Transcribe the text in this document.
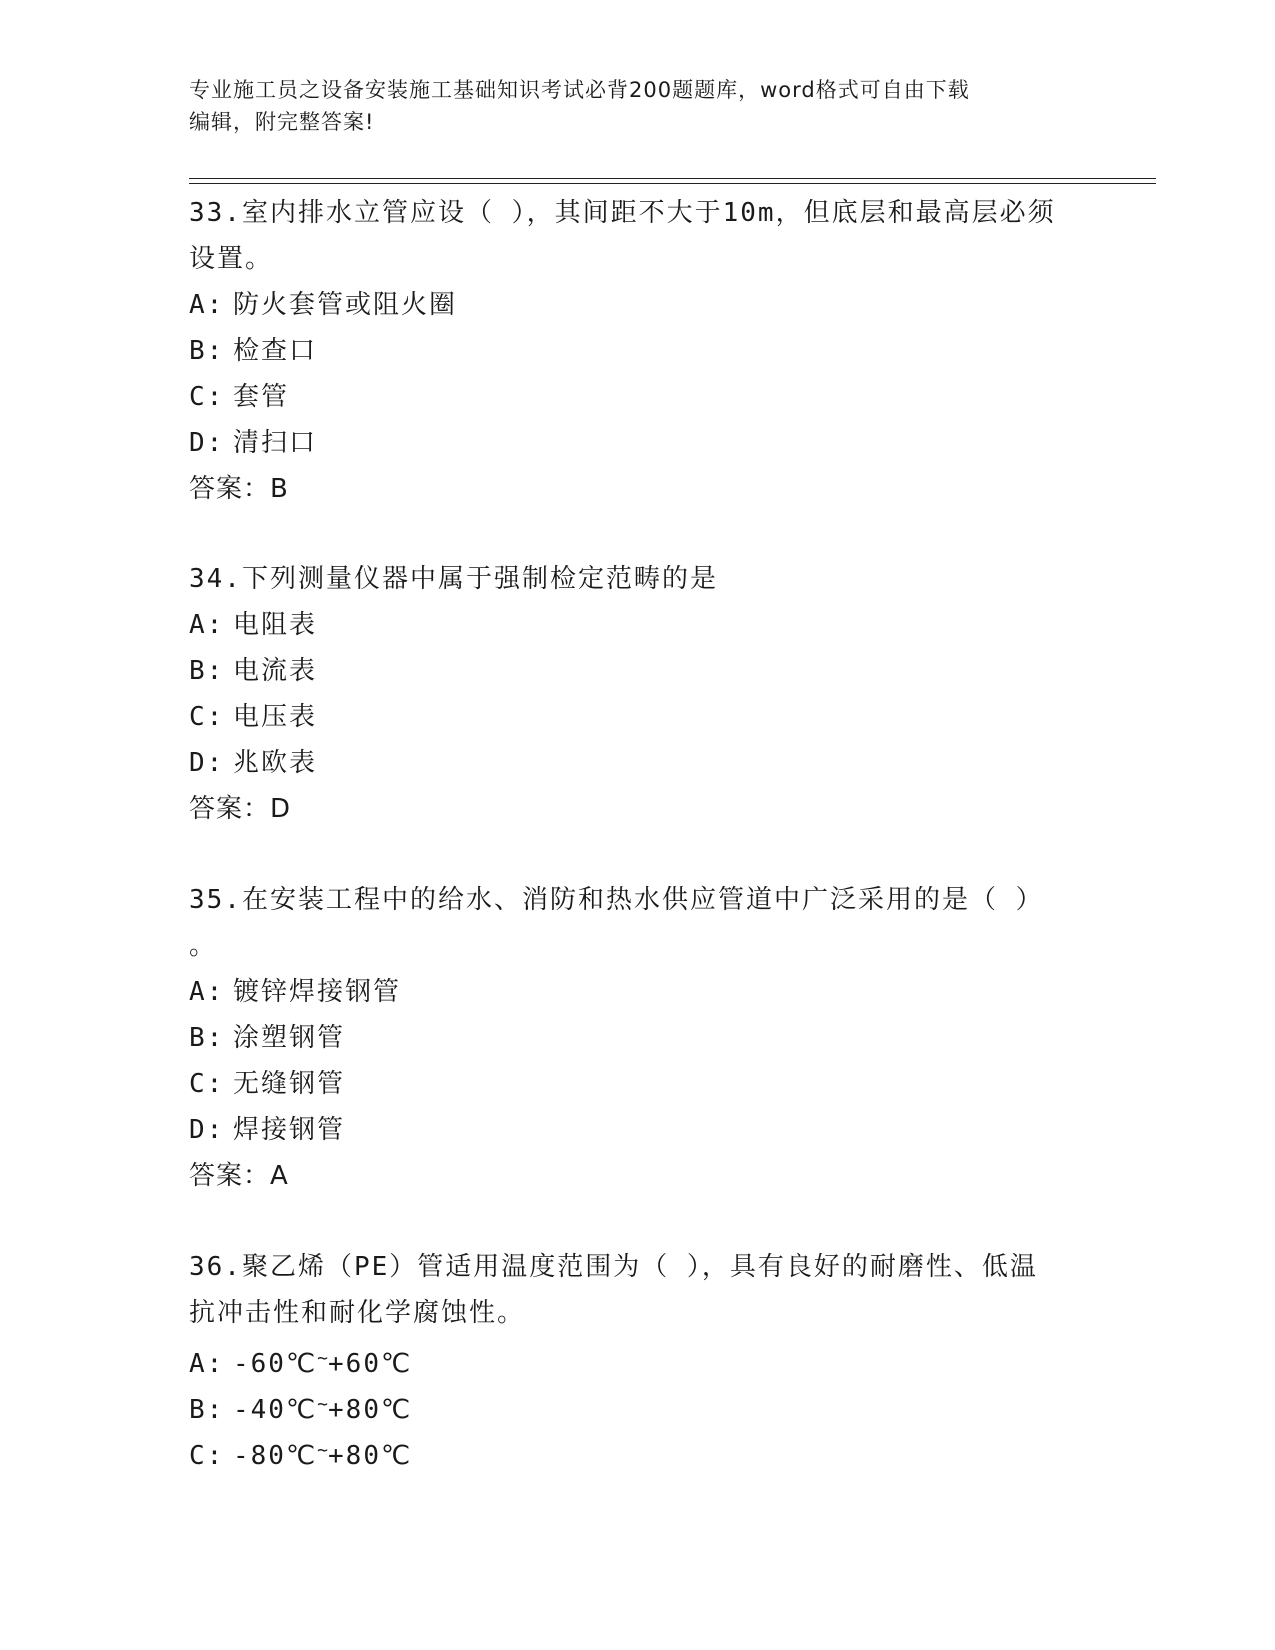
专业施工员之设备安装施工基础知识考试必背200题题库，word格式可自由下载
编辑，附完整答案!
33.室内排水立管应设（ ），其间距不大于10m，但底层和最高层必须
设置。
A: 防火套管或阻火圈
B: 检查口
C: 套管
D: 清扫口
答案：B
34.下列测量仪器中属于强制检定范畴的是
A: 电阻表
B: 电流表
C: 电压表
D: 兆欧表
答案：D
35.在安装工程中的给水、消防和热水供应管道中广泛采用的是（ ）
。
A: 镀锌焊接钢管
B: 涂塑钢管
C: 无缝钢管
D: 焊接钢管
答案：A
36.聚乙烯（PE）管适用温度范围为（ ），具有良好的耐磨性、低温
抗冲击性和耐化学腐蚀性。
A: -60℃~+60℃
B: -40℃~+80℃
C: -80℃~+80℃
